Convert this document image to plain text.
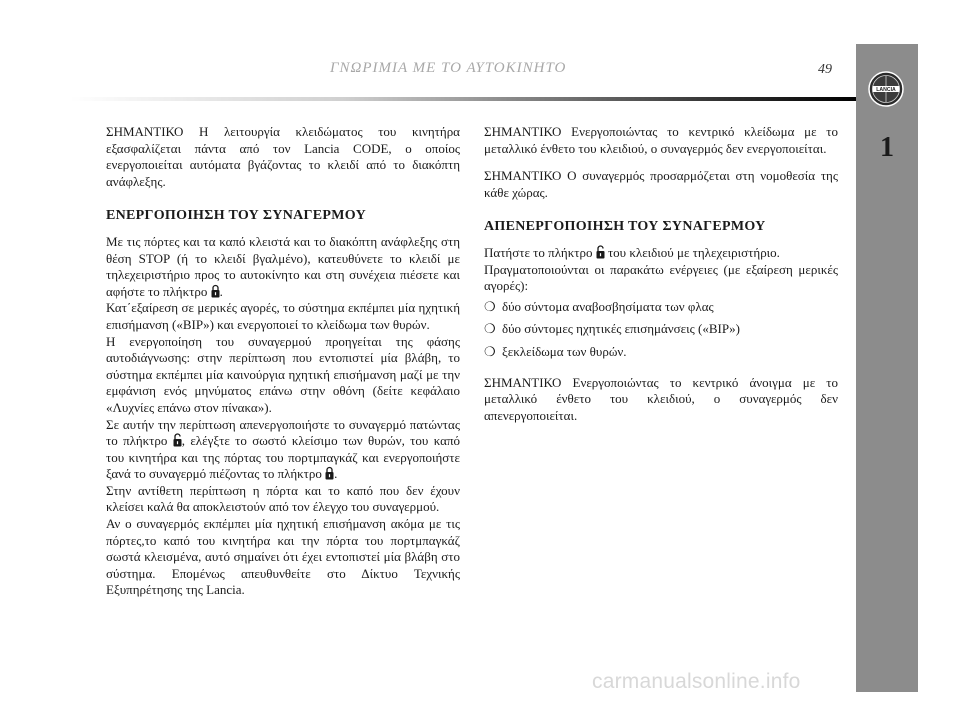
ΓΝΩΡΙΜΙΑ ΜΕ ΤΟ ΑΥΤΟΚΙΝΗΤΟ	49
LANCIA
1

ΣΗΜΑΝΤΙΚΟ Η λειτουργία κλειδώματος του κινητήρα εξασφαλίζεται πάντα από τον Lancia CODE, ο οποίος ενεργοποιείται αυτόματα βγάζοντας το κλειδί από το διακόπτη ανάφλεξης.

ΕΝΕΡΓΟΠΟΙΗΣΗ ΤΟΥ ΣΥΝΑΓΕΡΜΟΥ

Με τις πόρτες και τα καπό κλειστά και το διακόπτη ανάφλεξης στη θέση STOP (ή το κλειδί βγαλμένο), κατευθύνετε το κλειδί με τηλεχειριστήριο προς το αυτοκίνητο και στη συνέχεια πιέσετε και αφήστε το πλήκτρο .

Κατ΄εξαίρεση σε μερικές αγορές, το σύστημα εκπέμπει μία ηχητική επισήμανση («ΒΙΡ») και ενεργοποιεί το κλείδωμα των θυρών.

Η ενεργοποίηση του συναγερμού προηγείται της φάσης αυτοδιάγνωσης: στην περίπτωση που εντοπιστεί μία βλάβη, το σύστημα εκπέμπει μία καινούργια ηχητική επισήμανση μαζί με την εμφάνιση ενός μηνύματος επάνω στην οθόνη (δείτε κεφάλαιο «Λυχνίες επάνω στον πίνακα»).

Σε αυτήν την περίπτωση απενεργοποιήστε το συναγερμό πατώντας το πλήκτρο , ελέγξτε το σωστό κλείσιμο των θυρών, του καπό του κινητήρα και της πόρτας του πορτμπαγκάζ και ενεργοποιήστε ξανά το συναγερμό πιέζοντας το πλήκτρο .

Στην αντίθετη περίπτωση η πόρτα και το καπό που δεν έχουν κλείσει καλά θα αποκλειστούν από τον έλεγχο του συναγερμού.

Αν ο συναγερμός εκπέμπει μία ηχητική επισήμανση ακόμα με τις πόρτες,το καπό του κινητήρα και την πόρτα του πορτμπαγκάζ σωστά κλεισμένα, αυτό σημαίνει ότι έχει εντοπιστεί μία βλάβη στο σύστημα. Επομένως απευθυνθείτε στο Δίκτυο Τεχνικής Εξυπηρέτησης της Lancia.

ΣΗΜΑΝΤΙΚΟ Ενεργοποιώντας το κεντρικό κλείδωμα με το μεταλλικό ένθετο του κλειδιού, ο συναγερμός δεν ενεργοποιείται.

ΣΗΜΑΝΤΙΚΟ Ο συναγερμός προσαρμόζεται στη νομοθεσία της κάθε χώρας.

ΑΠΕΝΕΡΓΟΠΟΙΗΣΗ ΤΟΥ ΣΥΝΑΓΕΡΜΟΥ

Πατήστε το πλήκτρο του κλειδιού με τηλεχειριστήριο.

Πραγματοποιούνται οι παρακάτω ενέργειες (με εξαίρεση μερικές αγορές):

❍ δύο σύντομα αναβοσβησίματα των φλας
❍ δύο σύντομες ηχητικές επισημάνσεις («ΒΙΡ»)
❍ ξεκλείδωμα των θυρών.

ΣΗΜΑΝΤΙΚΟ Ενεργοποιώντας το κεντρικό άνοιγμα με το μεταλλικό ένθετο του κλειδιού, ο συναγερμός δεν απενεργοποιείται.

carmanualsonline.info
